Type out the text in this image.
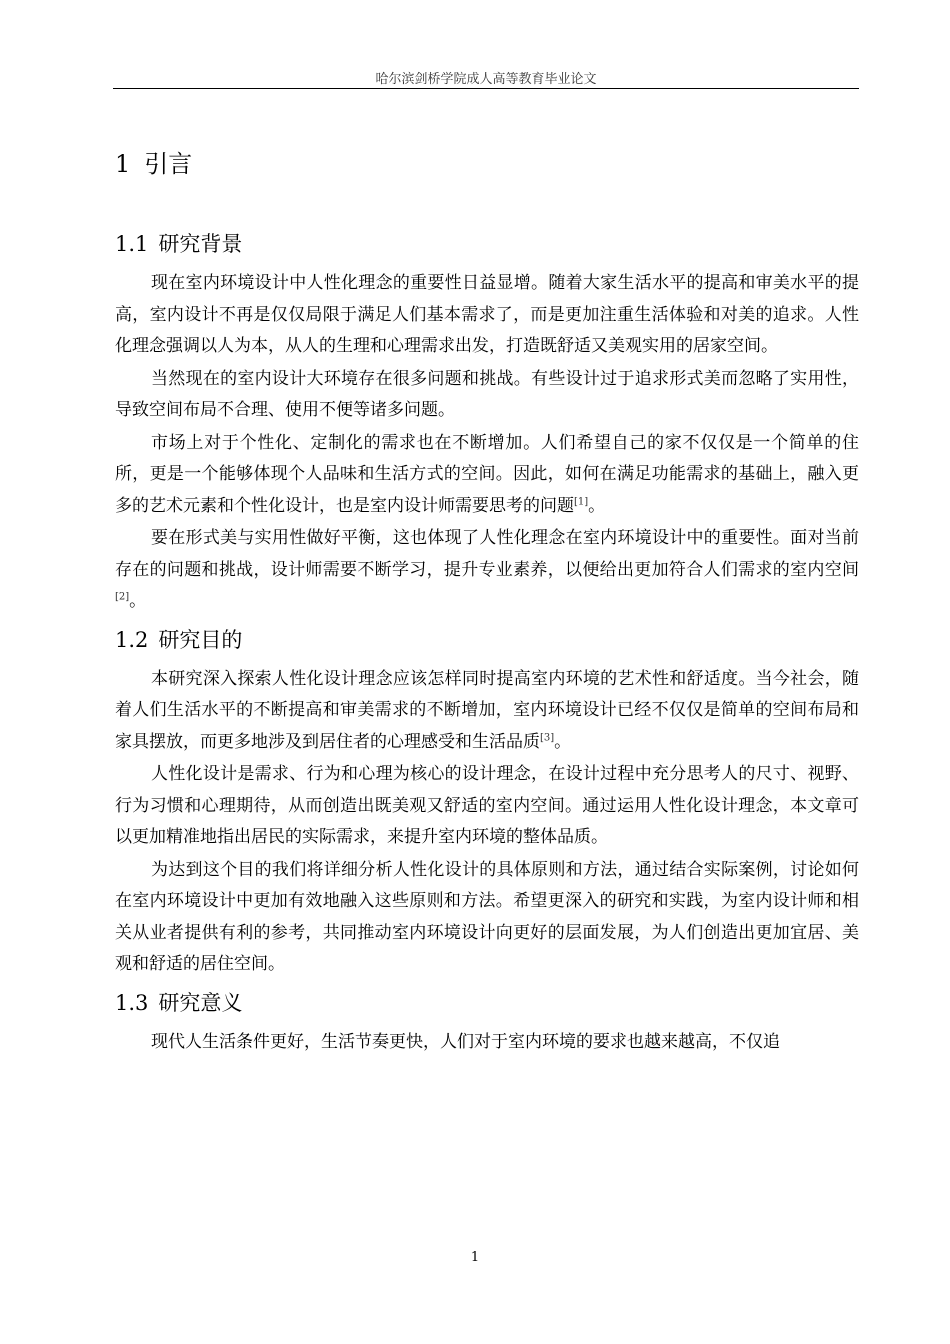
哈尔滨剑桥学院成人高等教育毕业论文
1 引言
1.1 研究背景

现在室内环境设计中人性化理念的重要性日益显增。随着大家生活水平的提高和审美水平的提高，室内设计不再是仅仅局限于满足人们基本需求了，而是更加注重生活体验和对美的追求。人性化理念强调以人为本，从人的生理和心理需求出发，打造既舒适又美观实用的居家空间。

当然现在的室内设计大环境存在很多问题和挑战。有些设计过于追求形式美而忽略了实用性，导致空间布局不合理、使用不便等诸多问题。

市场上对于个性化、定制化的需求也在不断增加。人们希望自己的家不仅仅是一个简单的住所，更是一个能够体现个人品味和生活方式的空间。因此，如何在满足功能需求的基础上，融入更多的艺术元素和个性化设计，也是室内设计师需要思考的问题[1]。

要在形式美与实用性做好平衡，这也体现了人性化理念在室内环境设计中的重要性。面对当前存在的问题和挑战，设计师需要不断学习，提升专业素养，以便给出更加符合人们需求的室内空间[2]。

1.2 研究目的

本研究深入探索人性化设计理念应该怎样同时提高室内环境的艺术性和舒适度。当今社会，随着人们生活水平的不断提高和审美需求的不断增加，室内环境设计已经不仅仅是简单的空间布局和家具摆放，而更多地涉及到居住者的心理感受和生活品质[3]。

人性化设计是需求、行为和心理为核心的设计理念，在设计过程中充分思考人的尺寸、视野、行为习惯和心理期待，从而创造出既美观又舒适的室内空间。通过运用人性化设计理念，本文章可以更加精准地指出居民的实际需求，来提升室内环境的整体品质。

为达到这个目的我们将详细分析人性化设计的具体原则和方法，通过结合实际案例，讨论如何在室内环境设计中更加有效地融入这些原则和方法。希望更深入的研究和实践，为室内设计师和相关从业者提供有利的参考，共同推动室内环境设计向更好的层面发展，为人们创造出更加宜居、美观和舒适的居住空间。

1.3 研究意义

现代人生活条件更好，生活节奏更快，人们对于室内环境的要求也越来越高，不仅追

1
